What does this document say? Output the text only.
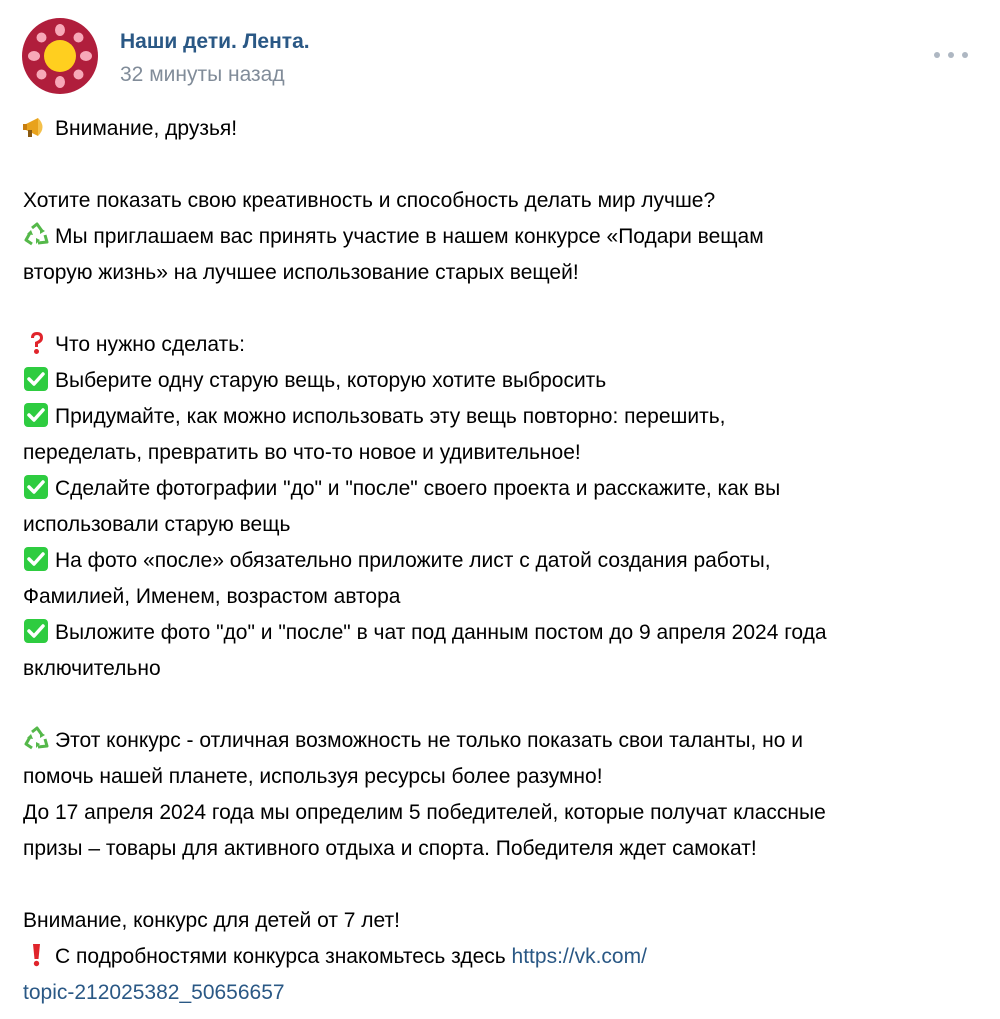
Наши дети. Лента.
32 минуты назад
Внимание, друзья!
Хотите показать свою креативность и способность делать мир лучше?
Мы приглашаем вас принять участие в нашем конкурсе «Подари вещам
вторую жизнь» на лучшее использование старых вещей!
Что нужно сделать:
Выберите одну старую вещь, которую хотите выбросить
Придумайте, как можно использовать эту вещь повторно: перешить,
переделать, превратить во что-то новое и удивительное!
Сделайте фотографии "до" и "после" своего проекта и расскажите, как вы
использовали старую вещь
На фото «после» обязательно приложите лист с датой создания работы,
Фамилией, Именем, возрастом автора
Выложите фото "до" и "после" в чат под данным постом до 9 апреля 2024 года
включительно
Этот конкурс - отличная возможность не только показать свои таланты, но и
помочь нашей планете, используя ресурсы более разумно!
До 17 апреля 2024 года мы определим 5 победителей, которые получат классные
призы – товары для активного отдыха и спорта. Победителя ждет самокат!
Внимание, конкурс для детей от 7 лет!
С подробностями конкурса знакомьтесь здесь https://vk.com/
topic-212025382_50656657
